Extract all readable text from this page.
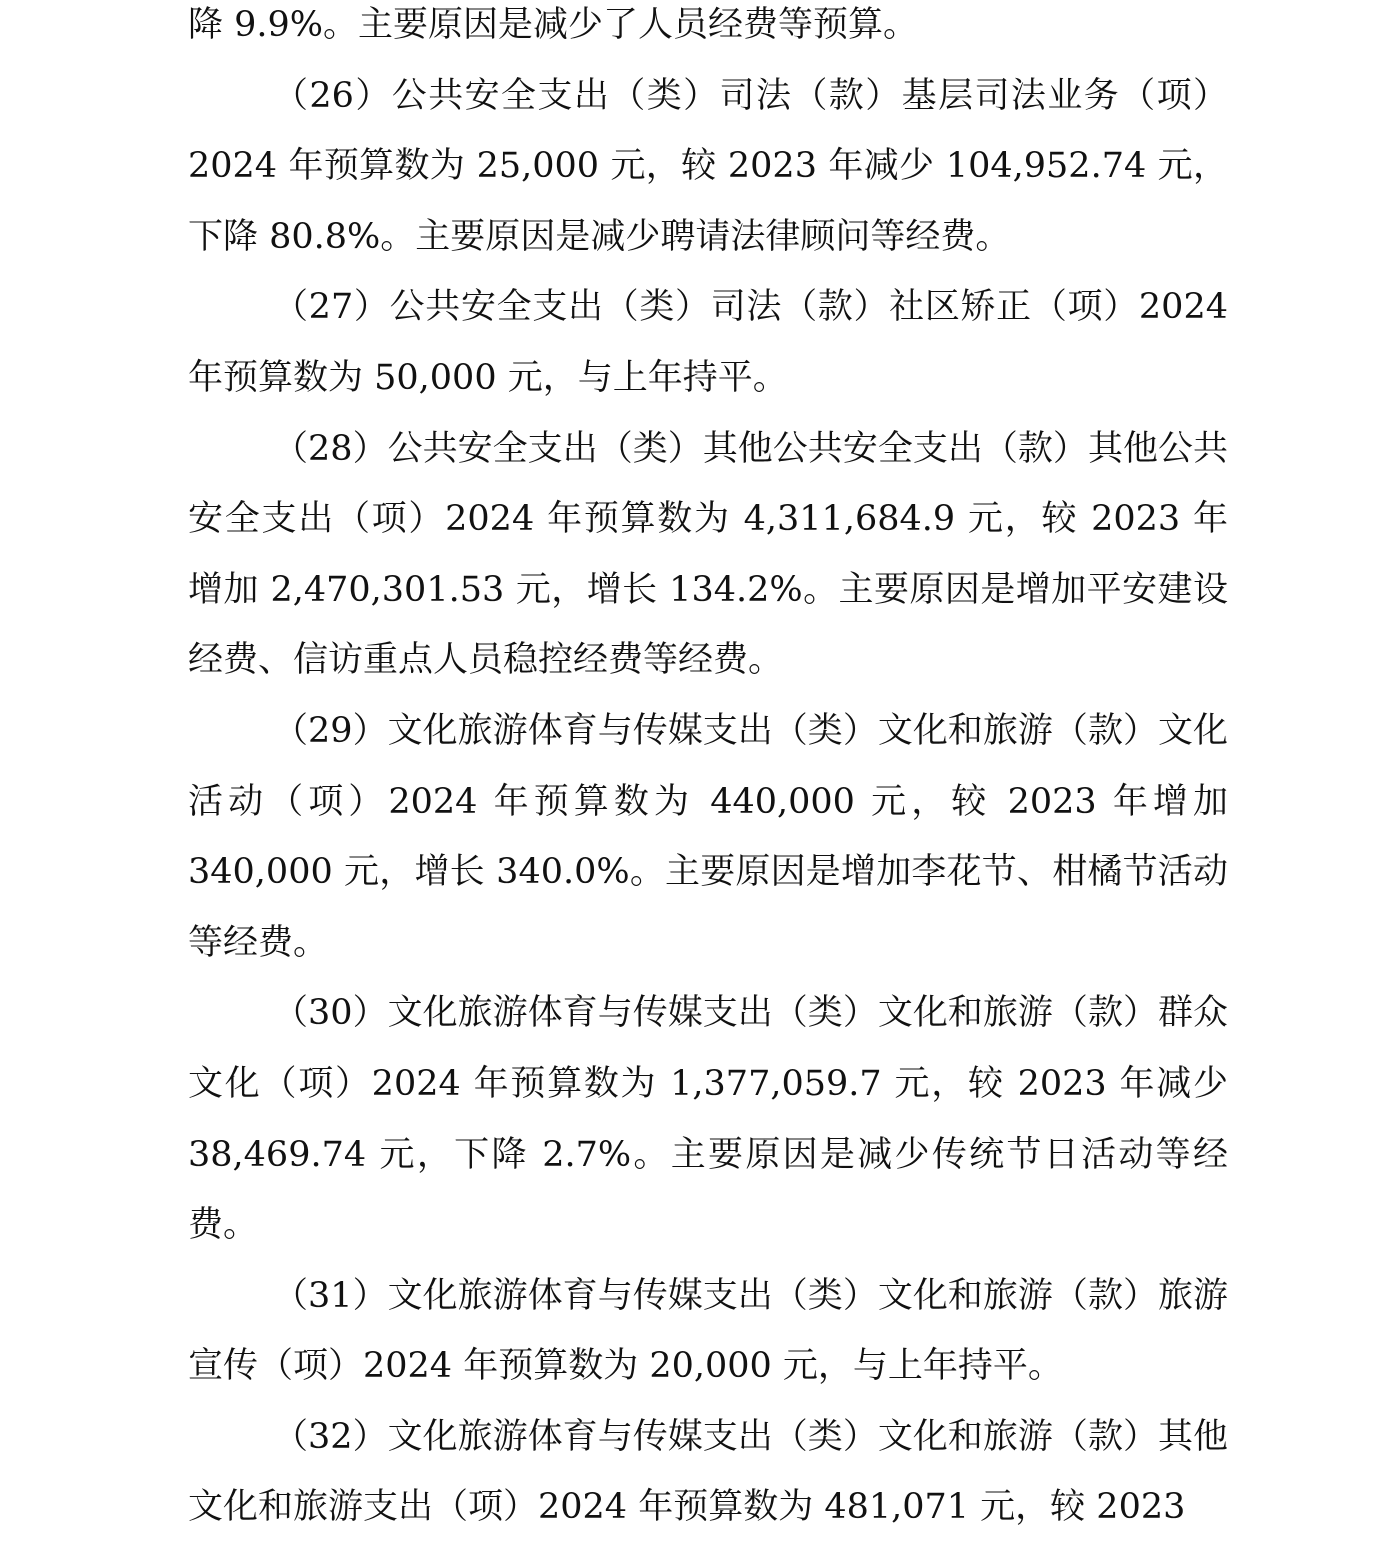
降 9.9%。主要原因是减少了人员经费等预算。

（26）公共安全支出（类）司法（款）基层司法业务（项）2024 年预算数为 25,000 元，较 2023 年减少 104,952.74 元，下降 80.8%。主要原因是减少聘请法律顾问等经费。

（27）公共安全支出（类）司法（款）社区矫正（项）2024 年预算数为 50,000 元，与上年持平。

（28）公共安全支出（类）其他公共安全支出（款）其他公共安全支出（项）2024 年预算数为 4,311,684.9 元，较 2023 年增加 2,470,301.53 元，增长 134.2%。主要原因是增加平安建设经费、信访重点人员稳控经费等经费。

（29）文化旅游体育与传媒支出（类）文化和旅游（款）文化活动（项）2024 年预算数为 440,000 元，较 2023 年增加 340,000 元，增长 340.0%。主要原因是增加李花节、柑橘节活动等经费。

（30）文化旅游体育与传媒支出（类）文化和旅游（款）群众文化（项）2024 年预算数为 1,377,059.7 元，较 2023 年减少 38,469.74 元，下降 2.7%。主要原因是减少传统节日活动等经费。

（31）文化旅游体育与传媒支出（类）文化和旅游（款）旅游宣传（项）2024 年预算数为 20,000 元，与上年持平。

（32）文化旅游体育与传媒支出（类）文化和旅游（款）其他文化和旅游支出（项）2024 年预算数为 481,071 元，较 2023
